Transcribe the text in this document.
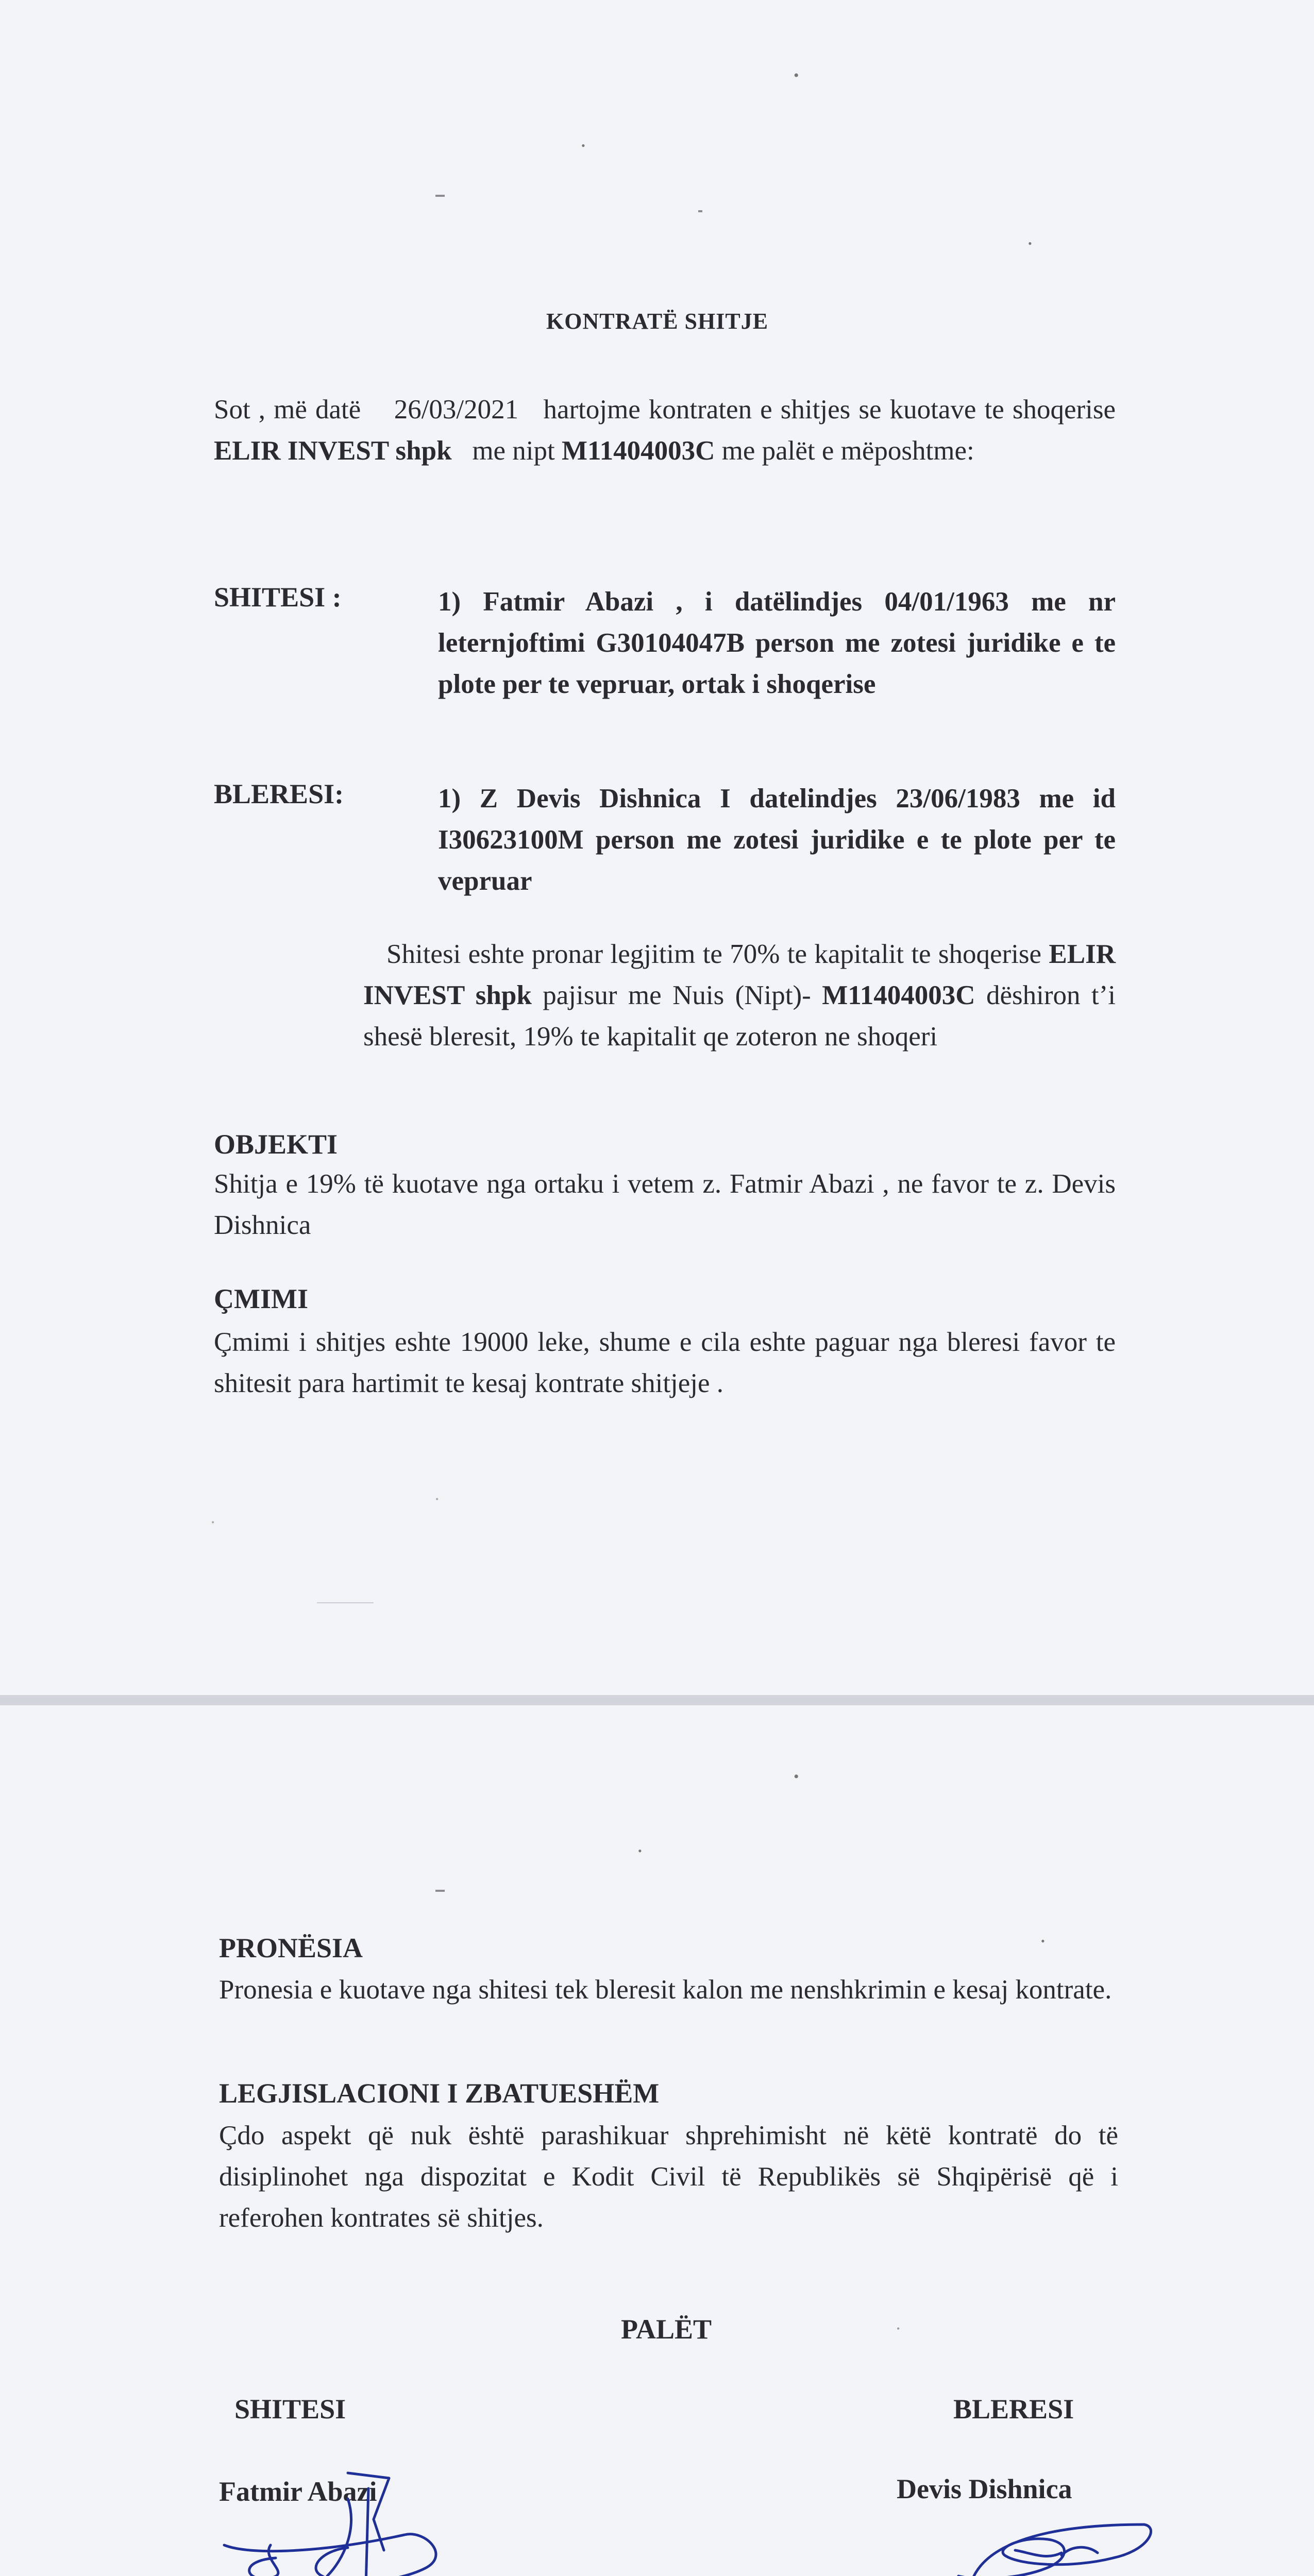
•
•
•
KONTRATË SHITJE

Sot , më datë 26/03/2021 hartojme kontraten e shitjes se kuotave te shoqerise ELIR INVEST shpk me nipt M11404003C me palët e mëposhtme:

SHITESI :	1) Fatmir Abazi , i datëlindjes 04/01/1963 me nr leternjoftimi G30104047B person me zotesi juridike e te plote per te vepruar, ortak i shoqerise

BLERESI:	1) Z Devis Dishnica I datelindjes 23/06/1983 me id I30623100M person me zotesi juridike e te plote per te vepruar

Shitesi eshte pronar legjitim te 70% te kapitalit te shoqerise ELIR INVEST shpk pajisur me Nuis (Nipt)- M11404003C dëshiron t’i shesë bleresit, 19% te kapitalit qe zoteron ne shoqeri

OBJEKTI

Shitja e 19% të kuotave nga ortaku i vetem z. Fatmir Abazi , ne favor te z. Devis Dishnica

ÇMIMI

Çmimi i shitjes eshte 19000 leke, shume e cila eshte paguar nga bleresi favor te shitesit para hartimit te kesaj kontrate shitjeje .

•
•
•
•
•
PRONËSIA

Pronesia e kuotave nga shitesi tek bleresit kalon me nenshkrimin e kesaj kontrate.

LEGJISLACIONI I ZBATUESHËM

Çdo aspekt që nuk është parashikuar shprehimisht në këtë kontratë do të disiplinohet nga dispozitat e Kodit Civil të Republikës së Shqipërisë që i referohen kontrates së shitjes.

PALËT
SHITESI	BLERESI
Fatmir Abazi	Devis Dishnica
•
